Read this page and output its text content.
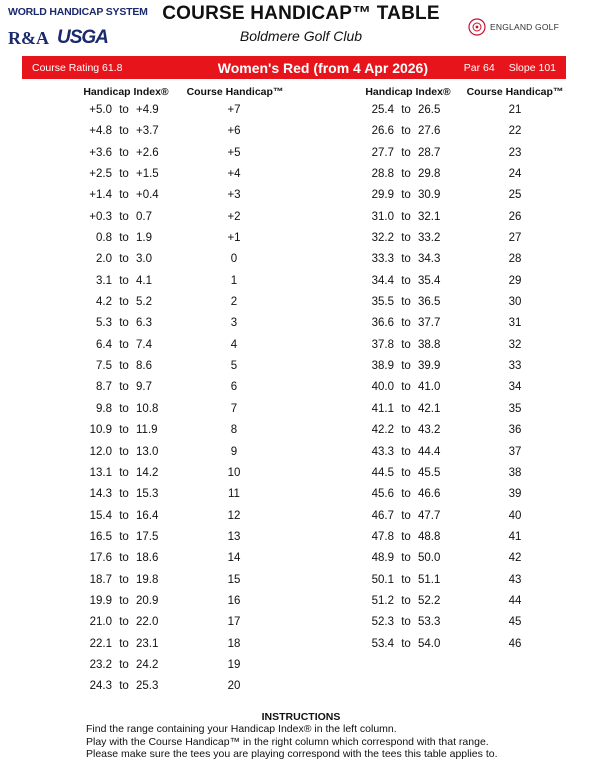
WORLD HANDICAP SYSTEM
R&A USGA
COURSE HANDICAP™ TABLE
Boldmere Golf Club
ENGLAND GOLF
Course Rating 61.8	Women's Red (from 4 Apr 2026)	Par 64 Slope 101
Handicap Index®	Course Handicap™	Handicap Index®	Course Handicap™
+5.0 to +4.9	+7
+4.8 to +3.7	+6
+3.6 to +2.6	+5
+2.5 to +1.5	+4
+1.4 to +0.4	+3
+0.3 to 0.7	+2
0.8 to 1.9	+1
2.0 to 3.0	0
3.1 to 4.1	1
4.2 to 5.2	2
5.3 to 6.3	3
6.4 to 7.4	4
7.5 to 8.6	5
8.7 to 9.7	6
9.8 to 10.8	7
10.9 to 11.9	8
12.0 to 13.0	9
13.1 to 14.2	10
14.3 to 15.3	11
15.4 to 16.4	12
16.5 to 17.5	13
17.6 to 18.6	14
18.7 to 19.8	15
19.9 to 20.9	16
21.0 to 22.0	17
22.1 to 23.1	18
23.2 to 24.2	19
24.3 to 25.3	20
25.4 to 26.5	21
26.6 to 27.6	22
27.7 to 28.7	23
28.8 to 29.8	24
29.9 to 30.9	25
31.0 to 32.1	26
32.2 to 33.2	27
33.3 to 34.3	28
34.4 to 35.4	29
35.5 to 36.5	30
36.6 to 37.7	31
37.8 to 38.8	32
38.9 to 39.9	33
40.0 to 41.0	34
41.1 to 42.1	35
42.2 to 43.2	36
43.3 to 44.4	37
44.5 to 45.5	38
45.6 to 46.6	39
46.7 to 47.7	40
47.8 to 48.8	41
48.9 to 50.0	42
50.1 to 51.1	43
51.2 to 52.2	44
52.3 to 53.3	45
53.4 to 54.0	46
INSTRUCTIONS
Find the range containing your Handicap Index® in the left column.
Play with the Course Handicap™ in the right column which correspond with that range.
Please make sure the tees you are playing correspond with the tees this table applies to.
